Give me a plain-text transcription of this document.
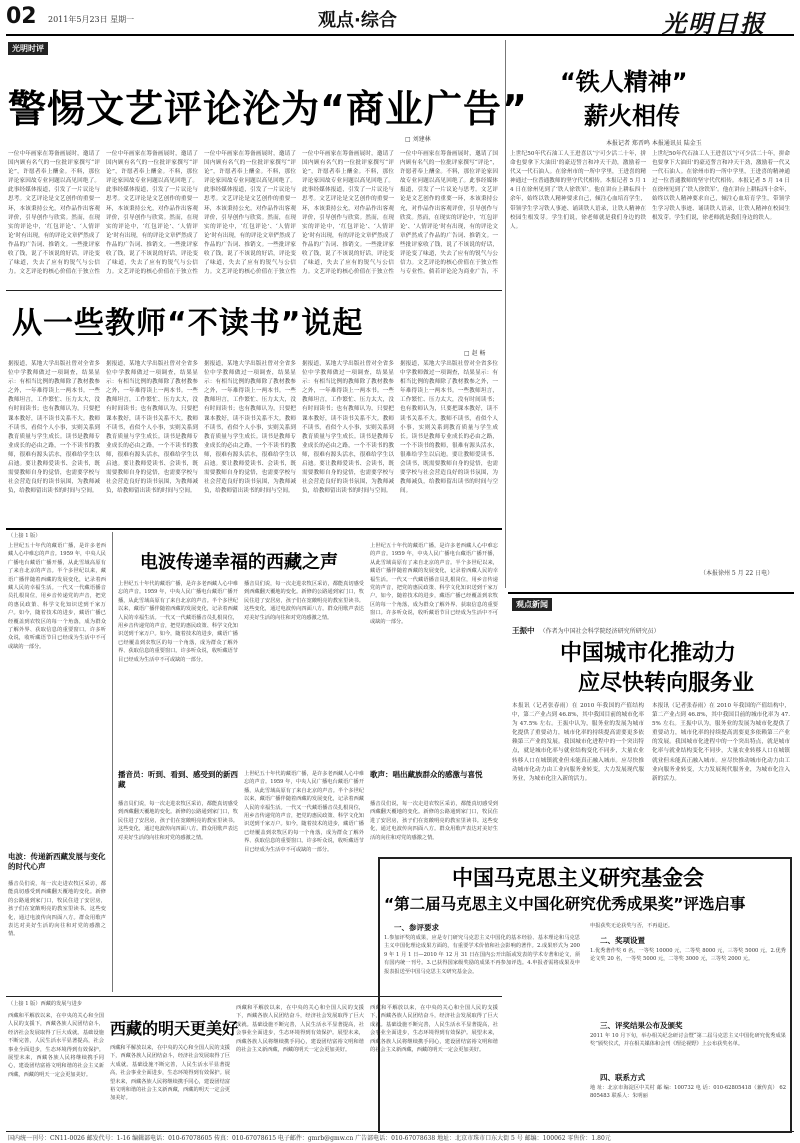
02 2011年5月23日 星期一	观点·综合	光明日报
光明时评
警惕文艺评论沦为“商业广告”
□ 刘建林
一位中年画家在筹备画展时，邀请了国内顾有名气的一位批评家撰写“评论”，许愿者奉上酬金。不料，那位评论家因故专业问题以高见回绝了。此事经媒体报道，引发了一片议论与思考。文艺评论是文艺创作的重要一环，本该秉持公允，对作品作出客观评价，引导创作与欣赏。然而，在现实的评论中，‘红包评论’、‘人情评论’时有出现，有的评论文章俨然成了作品的广告词、推销文。一些批评家收了钱，说了不该说的好话，评论变了味道，失去了应有的锐气与公信力。文艺评论的核心价值在于独立性
一位中年画家在筹备画展时，邀请了国内顾有名气的一位批评家撰写“评论”，许愿者奉上酬金。不料，那位评论家因故专业问题以高见回绝了。此事经媒体报道，引发了一片议论与思考。文艺评论是文艺创作的重要一环，本该秉持公允，对作品作出客观评价，引导创作与欣赏。然而，在现实的评论中，‘红包评论’、‘人情评论’时有出现，有的评论文章俨然成了作品的广告词、推销文。一些批评家收了钱，说了不该说的好话，评论变了味道，失去了应有的锐气与公信力。文艺评论的核心价值在于独立性
一位中年画家在筹备画展时，邀请了国内顾有名气的一位批评家撰写“评论”，许愿者奉上酬金。不料，那位评论家因故专业问题以高见回绝了。此事经媒体报道，引发了一片议论与思考。文艺评论是文艺创作的重要一环，本该秉持公允，对作品作出客观评价，引导创作与欣赏。然而，在现实的评论中，‘红包评论’、‘人情评论’时有出现，有的评论文章俨然成了作品的广告词、推销文。一些批评家收了钱，说了不该说的好话，评论变了味道，失去了应有的锐气与公信力。文艺评论的核心价值在于独立性
一位中年画家在筹备画展时，邀请了国内顾有名气的一位批评家撰写“评论”，许愿者奉上酬金。不料，那位评论家因故专业问题以高见回绝了。此事经媒体报道，引发了一片议论与思考。文艺评论是文艺创作的重要一环，本该秉持公允，对作品作出客观评价，引导创作与欣赏。然而，在现实的评论中，‘红包评论’、‘人情评论’时有出现，有的评论文章俨然成了作品的广告词、推销文。一些批评家收了钱，说了不该说的好话，评论变了味道，失去了应有的锐气与公信力。文艺评论的核心价值在于独立性
一位中年画家在筹备画展时，邀请了国内顾有名气的一位批评家撰写“评论”，许愿者奉上酬金。不料，那位评论家因故专业问题以高见回绝了。此事经媒体报道，引发了一片议论与思考。文艺评论是文艺创作的重要一环，本该秉持公允，对作品作出客观评价，引导创作与欣赏。然而，在现实的评论中，‘红包评论’、‘人情评论’时有出现，有的评论文章俨然成了作品的广告词、推销文。一些批评家收了钱，说了不该说的好话，评论变了味道，失去了应有的锐气与公信力。文艺评论的核心价值在于独立性与专业性。倘若评论沦为商业广告，不
“铁人精神”
薪火相传
本报记者 郑晋鸣 本报通讯员 陆金玉
上世纪50年代石油工人王进喜以‘宁可少活二十年，拼命也要拿下大油田’的豪迈誓言和冲天干劲，激励着一代又一代石油人。在徐州市的一所中学里，王进喜的精神通过一位普通教师的坚守代代相传。本报记者 5 月 14 日在徐州见到了‘铁人徐铁军’。他在讲台上耕耘四十余年，始终以铁人精神要求自己，倾注心血培育学生，带领学生学习铁人事迹、诵读铁人语录，让铁人精神在校园生根发芽。学生们说，徐老师就是我们身边的铁人。
上世纪50年代石油工人王进喜以‘宁可少活二十年，拼命也要拿下大油田’的豪迈誓言和冲天干劲，激励着一代又一代石油人。在徐州市的一所中学里，王进喜的精神通过一位普通教师的坚守代代相传。本报记者 5 月 14 日在徐州见到了‘铁人徐铁军’。他在讲台上耕耘四十余年，始终以铁人精神要求自己，倾注心血培育学生，带领学生学习铁人事迹、诵读铁人语录，让铁人精神在校园生根发芽。学生们说，徐老师就是我们身边的铁人。
（本报徐州 5 月 22 日电）
从一些教师“不读书”说起
□ 赵 畅
据报道，某地大学出版社曾对全省多位中学教师做过一项调查，结果显示：有相当比例的教师除了教材教参之外，一年难得读上一两本书。一些教师坦言，工作繁忙、压力太大，没有时间读书；也有教师认为，只要把课本教好，读不读书关系不大。教师不读书，看似个人小事，实则关系到教育质量与学生成长。读书是教师专业成长的必由之路，一个不读书的教师，很难有源头活水，很难给学生以启迪。要让教师爱读书、会读书，既需要教师自身的觉悟，也需要学校与社会营造良好的读书氛围，为教师减负，给教师留出读书的时间与空间。
据报道，某地大学出版社曾对全省多位中学教师做过一项调查，结果显示：有相当比例的教师除了教材教参之外，一年难得读上一两本书。一些教师坦言，工作繁忙、压力太大，没有时间读书；也有教师认为，只要把课本教好，读不读书关系不大。教师不读书，看似个人小事，实则关系到教育质量与学生成长。读书是教师专业成长的必由之路，一个不读书的教师，很难有源头活水，很难给学生以启迪。要让教师爱读书、会读书，既需要教师自身的觉悟，也需要学校与社会营造良好的读书氛围，为教师减负，给教师留出读书的时间与空间。
据报道，某地大学出版社曾对全省多位中学教师做过一项调查，结果显示：有相当比例的教师除了教材教参之外，一年难得读上一两本书。一些教师坦言，工作繁忙、压力太大，没有时间读书；也有教师认为，只要把课本教好，读不读书关系不大。教师不读书，看似个人小事，实则关系到教育质量与学生成长。读书是教师专业成长的必由之路，一个不读书的教师，很难有源头活水，很难给学生以启迪。要让教师爱读书、会读书，既需要教师自身的觉悟，也需要学校与社会营造良好的读书氛围，为教师减负，给教师留出读书的时间与空间。
据报道，某地大学出版社曾对全省多位中学教师做过一项调查，结果显示：有相当比例的教师除了教材教参之外，一年难得读上一两本书。一些教师坦言，工作繁忙、压力太大，没有时间读书；也有教师认为，只要把课本教好，读不读书关系不大。教师不读书，看似个人小事，实则关系到教育质量与学生成长。读书是教师专业成长的必由之路，一个不读书的教师，很难有源头活水，很难给学生以启迪。要让教师爱读书、会读书，既需要教师自身的觉悟，也需要学校与社会营造良好的读书氛围，为教师减负，给教师留出读书的时间与空间。
据报道，某地大学出版社曾对全省多位中学教师做过一项调查，结果显示：有相当比例的教师除了教材教参之外，一年难得读上一两本书。一些教师坦言，工作繁忙、压力太大，没有时间读书；也有教师认为，只要把课本教好，读不读书关系不大。教师不读书，看似个人小事，实则关系到教育质量与学生成长。读书是教师专业成长的必由之路，一个不读书的教师，很难有源头活水，很难给学生以启迪。要让教师爱读书、会读书，既需要教师自身的觉悟，也需要学校与社会营造良好的读书氛围，为教师减负，给教师留出读书的时间与空间。
（上接 1 版）
上世纪五十年代的藏语广播，是许多老西藏人心中难忘的声音。1959 年，中央人民广播电台藏语广播开播，从此雪域高原有了来自北京的声音。半个多世纪以来，藏语广播伴随着西藏的发展变化，记录着西藏人民的幸福生活。一代又一代藏语播音员扎根岗位，用乡音传递党的声音，把党的惠民政策、科学文化知识送到千家万户。如今，随着技术的进步，藏语广播已经覆盖到农牧区的每一个角落，成为群众了解外界、获取信息的重要窗口。许多听众说，收听藏语节目已经成为生活中不可或缺的一部分。
电波：传递新西藏发展与变化的时代心声
播音员们说，每一次走进农牧区采访，都能真切感受到西藏翻天覆地的变化。新修的公路通到家门口，牧民住进了安居房，孩子们在宽敞明亮的教室里读书。这些变化，通过电波传向四面八方。群众用歌声表达对美好生活的向往和对党的感激之情。
电波传递幸福的西藏之声
上世纪五十年代的藏语广播，是许多老西藏人心中难忘的声音。1959 年，中央人民广播电台藏语广播开播，从此雪域高原有了来自北京的声音。半个多世纪以来，藏语广播伴随着西藏的发展变化，记录着西藏人民的幸福生活。一代又一代藏语播音员扎根岗位，用乡音传递党的声音，把党的惠民政策、科学文化知识送到千家万户。如今，随着技术的进步，藏语广播已经覆盖到农牧区的每一个角落，成为群众了解外界、获取信息的重要窗口。许多听众说，收听藏语节目已经成为生活中不可或缺的一部分。
播音员们说，每一次走进农牧区采访，都能真切感受到西藏翻天覆地的变化。新修的公路通到家门口，牧民住进了安居房，孩子们在宽敞明亮的教室里读书。这些变化，通过电波传向四面八方。群众用歌声表达对美好生活的向往和对党的感激之情。
上世纪五十年代的藏语广播，是许多老西藏人心中难忘的声音。1959 年，中央人民广播电台藏语广播开播，从此雪域高原有了来自北京的声音。半个多世纪以来，藏语广播伴随着西藏的发展变化，记录着西藏人民的幸福生活。一代又一代藏语播音员扎根岗位，用乡音传递党的声音，把党的惠民政策、科学文化知识送到千家万户。如今，随着技术的进步，藏语广播已经覆盖到农牧区的每一个角落，成为群众了解外界、获取信息的重要窗口。许多听众说，收听藏语节目已经成为生活中不可或缺的一部分。
播音员：听到、看到、感受到的新西藏
播音员们说，每一次走进农牧区采访，都能真切感受到西藏翻天覆地的变化。新修的公路通到家门口，牧民住进了安居房，孩子们在宽敞明亮的教室里读书。这些变化，通过电波传向四面八方。群众用歌声表达对美好生活的向往和对党的感激之情。
上世纪五十年代的藏语广播，是许多老西藏人心中难忘的声音。1959 年，中央人民广播电台藏语广播开播，从此雪域高原有了来自北京的声音。半个多世纪以来，藏语广播伴随着西藏的发展变化，记录着西藏人民的幸福生活。一代又一代藏语播音员扎根岗位，用乡音传递党的声音，把党的惠民政策、科学文化知识送到千家万户。如今，随着技术的进步，藏语广播已经覆盖到农牧区的每一个角落，成为群众了解外界、获取信息的重要窗口。许多听众说，收听藏语节目已经成为生活中不可或缺的一部分。
歌声：唱出藏族群众的感激与喜悦
播音员们说，每一次走进农牧区采访，都能真切感受到西藏翻天覆地的变化。新修的公路通到家门口，牧民住进了安居房，孩子们在宽敞明亮的教室里读书。这些变化，通过电波传向四面八方。群众用歌声表达对美好生活的向往和对党的感激之情。
（上接 1 版）西藏的发展与进步
西藏和平解放以来，在中央的关心和全国人民的支援下，西藏各族人民团结奋斗，经济社会发展取得了巨大成就。基础设施不断完善，人民生活水平显著提高，社会事业全面进步，生态环境得到有效保护。展望未来，西藏各族人民将继续携手同心，建设团结富裕文明和谐的社会主义新西藏，西藏的明天一定会更加美好。
西藏的明天更美好
西藏和平解放以来，在中央的关心和全国人民的支援下，西藏各族人民团结奋斗，经济社会发展取得了巨大成就。基础设施不断完善，人民生活水平显著提高，社会事业全面进步，生态环境得到有效保护。展望未来，西藏各族人民将继续携手同心，建设团结富裕文明和谐的社会主义新西藏，西藏的明天一定会更加美好。
西藏和平解放以来，在中央的关心和全国人民的支援下，西藏各族人民团结奋斗，经济社会发展取得了巨大成就。基础设施不断完善，人民生活水平显著提高，社会事业全面进步，生态环境得到有效保护。展望未来，西藏各族人民将继续携手同心，建设团结富裕文明和谐的社会主义新西藏，西藏的明天一定会更加美好。
西藏和平解放以来，在中央的关心和全国人民的支援下，西藏各族人民团结奋斗，经济社会发展取得了巨大成就。基础设施不断完善，人民生活水平显著提高，社会事业全面进步，生态环境得到有效保护。展望未来，西藏各族人民将继续携手同心，建设团结富裕文明和谐的社会主义新西藏，西藏的明天一定会更加美好。
观点新闻
王振中 （作者为中国社会科学院经济研究所研究员）
中国城市化推动力
应尽快转向服务业
本报讯（记者张春雨）在 2010 年我国的产值结构中，第二产业占到 46.8%，其中我国目前的城市化率为 47.5% 左右。王振中认为，服务业的发展为城市化提供了重要动力，城市化率的持续提高需要更多依赖第三产业的发展。我国城市化进程中的一个突出特点，就是城市化率与就业结构变化不同步，大量农业转移人口在城镇就业但未能真正融入城市。应尽快推动城市化动力由工业向服务业转变，大力发展现代服务业，为城市化注入新的活力。
本报讯（记者张春雨）在 2010 年我国的产值结构中，第二产业占到 46.8%，其中我国目前的城市化率为 47.5% 左右。王振中认为，服务业的发展为城市化提供了重要动力，城市化率的持续提高需要更多依赖第三产业的发展。我国城市化进程中的一个突出特点，就是城市化率与就业结构变化不同步，大量农业转移人口在城镇就业但未能真正融入城市。应尽快推动城市化动力由工业向服务业转变，大力发展现代服务业，为城市化注入新的活力。
中国马克思主义研究基金会
“第二届马克思主义中国化研究优秀成果奖”评选启事
一、参评要求
1.参加评奖的成果，应是专门研究马克思主义中国化的基本经验、基本理论和马克思主义中国化理论成果方面的，有重要学术价值和社会影响的著作。2.成果形式为 2009 年 1 月 1 日—2010 年 12 月 31 日在国内公开出版或发表的学术专著和论文，须有国内统一刊号。3.已获得国家级奖励的成果不再参加评选。4.申报者需将成果及申报表报送至中国马克思主义研究基金会。
申报获奖无论获奖与否，不再退还。
二、奖项设置
1.优秀著作奖 6 名，一等奖 10000 元，二等奖 8000 元，三等奖 5000 元。2.优秀论文奖 20 名，一等奖 5000 元，二等奖 3000 元，三等奖 2000 元。
三、评奖结果公布及颁奖
2011 年 10 月下旬，举办相关纪念研讨会暨“第二届马克思主义中国化研究优秀成果奖”颁奖仪式，并在相关媒体和会刊《理论视野》上公布获奖名单。
四、联系方式
地 址：北京市海淀区中关村 邮 编：100732 电 话：010-62805418（兼传真） 62805483 联系人：朱明丽
国内统一刊号：CN11-0026 邮发代号：1-16 编辑部电话：010-67078605 传真：010-67078615 电子邮件：gmrb@gmw.cn 广告部电话：010-67078638 地址：北京市珠市口东大街 5 号 邮编：100062 零售价：1.80元
